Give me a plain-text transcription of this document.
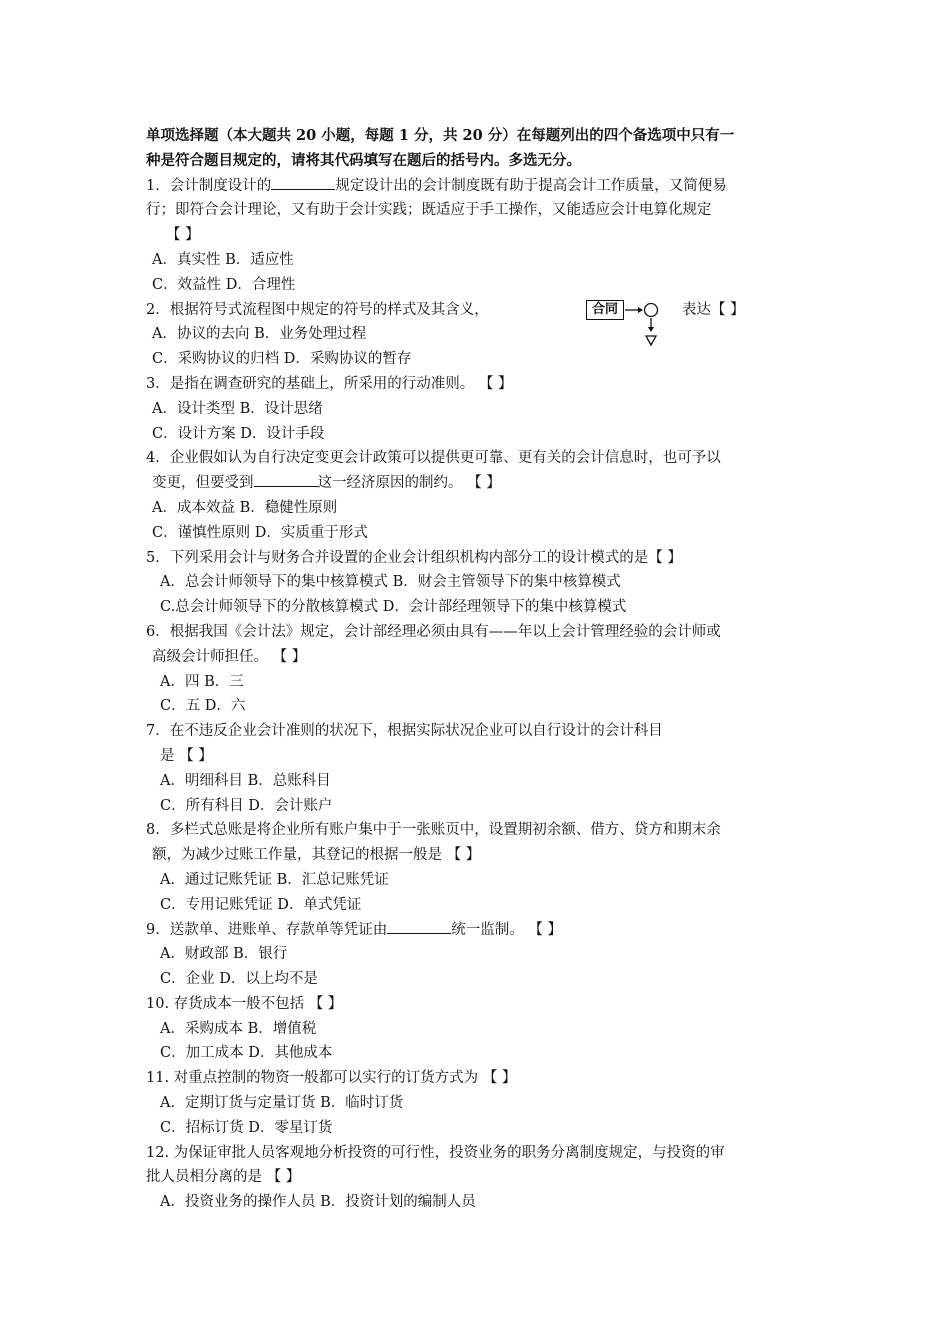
单项选择题（本大题共 20 小题，每题 1 分，共 20 分）在每题列出的四个备选项中只有一
种是符合题目规定的，请将其代码填写在题后的括号内。多选无分。
1．会计制度设计的	规定设计出的会计制度既有助于提高会计工作质量，又简便易
行；即符合会计理论，又有助于会计实践；既适应于手工操作，又能适应会计电算化规定
【 】
A．真实性 B．适应性
C．效益性 D．合理性
2．根据符号式流程图中规定的符号的样式及其含义，
A．协议的去向 B．业务处理过程
C．采购协议的归档 D．采购协议的暂存
3．是指在调查研究的基础上，所采用的行动准则。 【 】
A．设计类型 B．设计思绪
C．设计方案 D．设计手段
4．企业假如认为自行决定变更会计政策可以提供更可靠、更有关的会计信息时，也可予以
变更，但要受到	这一经济原因的制约。 【 】
A．成本效益 B．稳健性原则
C．谨慎性原则 D．实质重于形式
5．下列采用会计与财务合并设置的企业会计组织机构内部分工的设计模式的是【 】
A．总会计师领导下的集中核算模式 B．财会主管领导下的集中核算模式
C.总会计师领导下的分散核算模式 D．会计部经理领导下的集中核算模式
6．根据我国《会计法》规定，会计部经理必须由具有——年以上会计管理经验的会计师或
高级会计师担任。 【 】
A．四 B．三
C．五 D．六
7．在不违反企业会计准则的状况下，根据实际状况企业可以自行设计的会计科目
是 【 】
A．明细科目 B．总账科目
C．所有科目 D．会计账户
8．多栏式总账是将企业所有账户集中于一张账页中，设置期初余额、借方、贷方和期末余
额，为减少过账工作量，其登记的根据一般是 【 】
A．通过记账凭证 B．汇总记账凭证
C．专用记账凭证 D．单式凭证
9．送款单、进账单、存款单等凭证由	统一监制。 【 】
A．财政部 B．银行
C．企业 D．以上均不是
10. 存货成本一般不包括 【 】
A．采购成本 B．增值税
C．加工成本 D．其他成本
11. 对重点控制的物资一般都可以实行的订货方式为 【 】
A．定期订货与定量订货 B．临时订货
C．招标订货 D．零星订货
12. 为保证审批人员客观地分析投资的可行性，投资业务的职务分离制度规定，与投资的审
批人员相分离的是 【 】
A．投资业务的操作人员 B．投资计划的编制人员
合同	表达【 】
